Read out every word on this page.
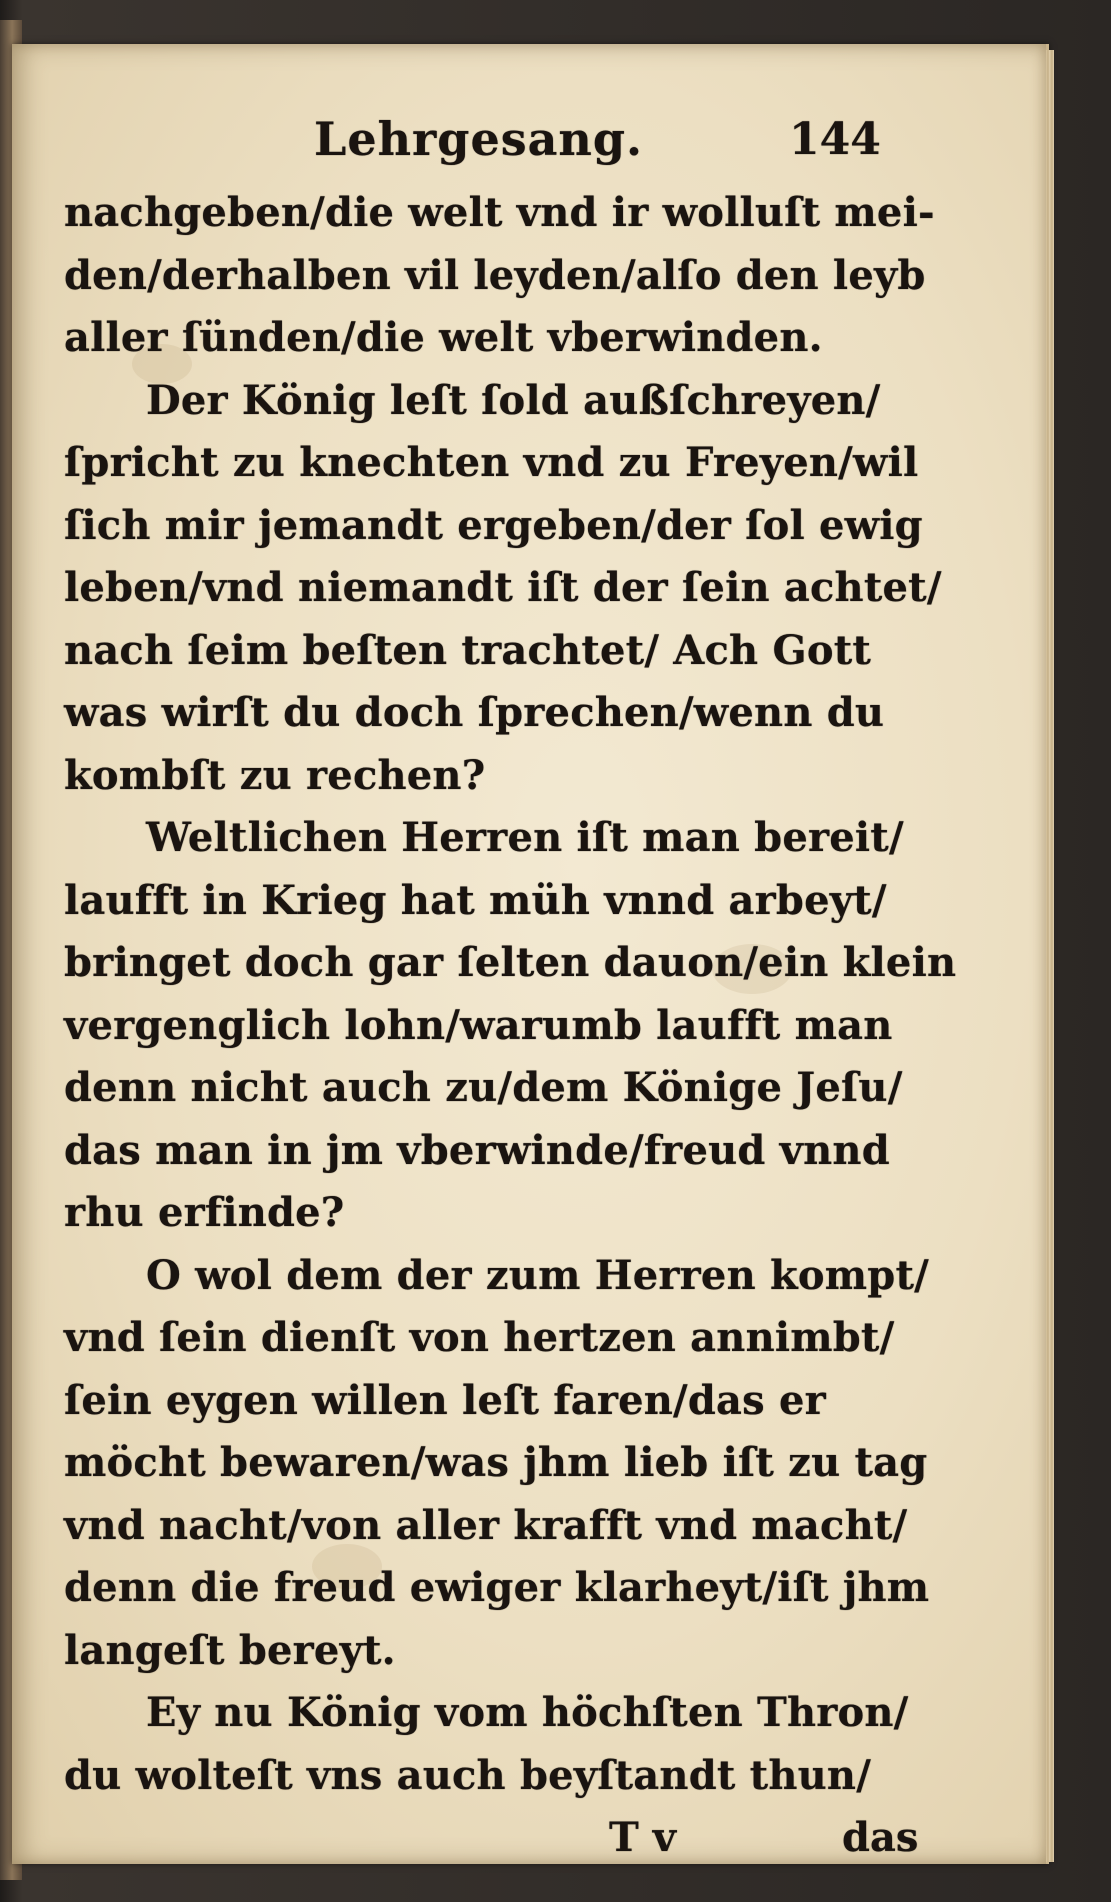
Lehrgesang.	144
nachgeben/die welt vnd ir wolluſt mei-
den/derhalben vil leyden/alſo den leyb
aller ſünden/die welt vberwinden.
Der König leſt ſold außſchreyen/
ſpricht zu knechten vnd zu Freyen/wil
ſich mir jemandt ergeben/der ſol ewig
leben/vnd niemandt iſt der ſein achtet/
nach ſeim beſten trachtet/ Ach Gott
was wirſt du doch ſprechen/wenn du
kombſt zu rechen?
Weltlichen Herren iſt man bereit/
laufft in Krieg hat müh vnnd arbeyt/
bringet doch gar ſelten dauon/ein klein
vergenglich lohn/warumb laufft man
denn nicht auch zu/dem Könige Jeſu/
das man in jm vberwinde/freud vnnd
rhu erfinde?
O wol dem der zum Herren kompt/
vnd ſein dienſt von hertzen annimbt/
ſein eygen willen leſt faren/das er
möcht bewaren/was jhm lieb iſt zu tag
vnd nacht/von aller krafft vnd macht/
denn die freud ewiger klarheyt/iſt jhm
langeſt bereyt.
Ey nu König vom höchſten Thron/
du wolteſt vns auch beyſtandt thun/
T v	das
